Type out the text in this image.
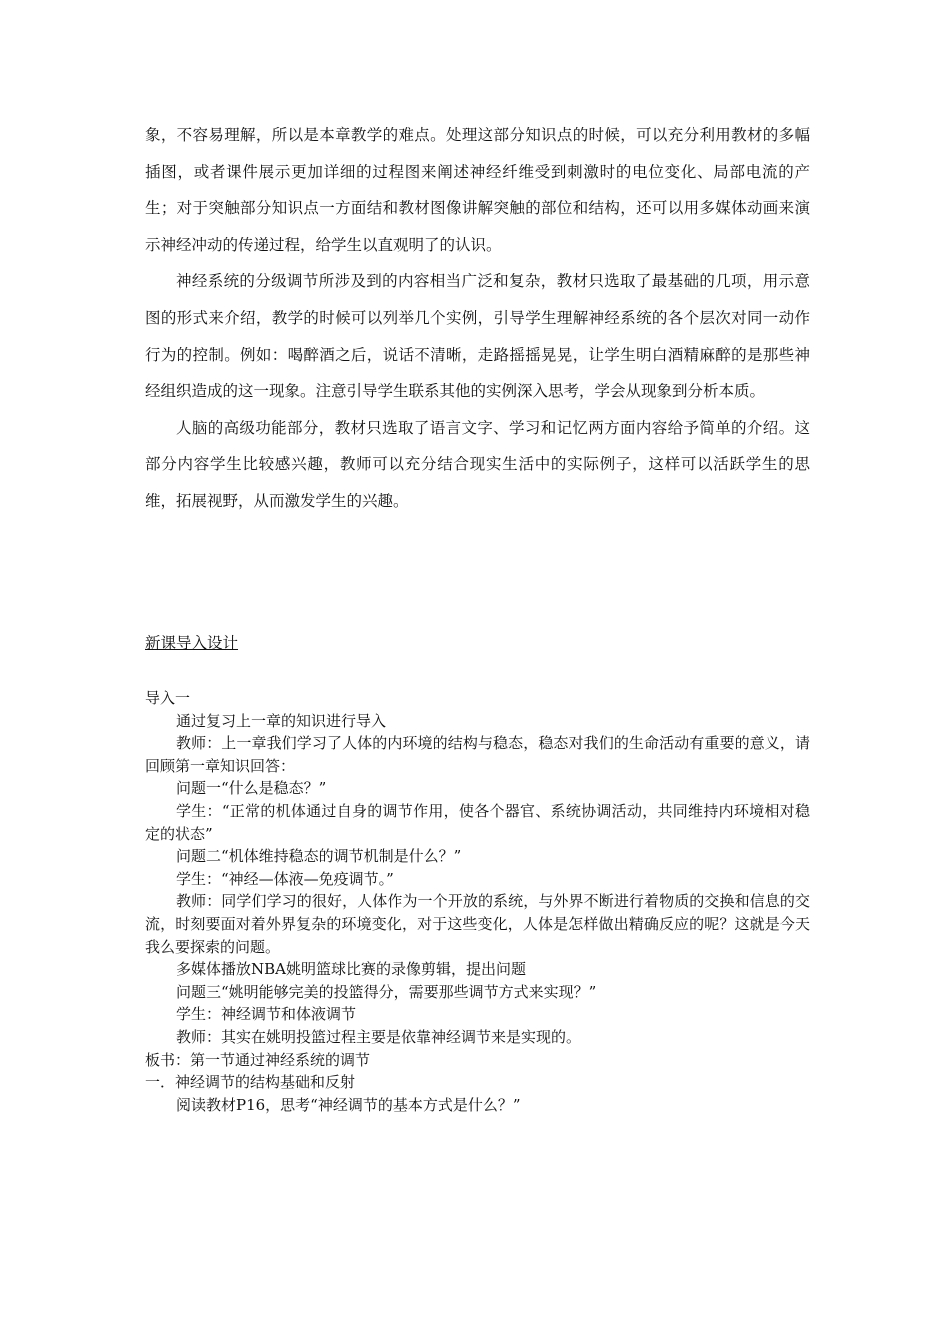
象，不容易理解，所以是本章教学的难点。处理这部分知识点的时候，可以充分利用教材的多幅插图，或者课件展示更加详细的过程图来阐述神经纤维受到刺激时的电位变化、局部电流的产生；对于突触部分知识点一方面结和教材图像讲解突触的部位和结构，还可以用多媒体动画来演示神经冲动的传递过程，给学生以直观明了的认识。

神经系统的分级调节所涉及到的内容相当广泛和复杂，教材只选取了最基础的几项，用示意图的形式来介绍，教学的时候可以列举几个实例，引导学生理解神经系统的各个层次对同一动作行为的控制。例如：喝醉酒之后，说话不清晰，走路摇摇晃晃，让学生明白酒精麻醉的是那些神经组织造成的这一现象。注意引导学生联系其他的实例深入思考，学会从现象到分析本质。

人脑的高级功能部分，教材只选取了语言文字、学习和记忆两方面内容给予简单的介绍。这部分内容学生比较感兴趣，教师可以充分结合现实生活中的实际例子，这样可以活跃学生的思维，拓展视野，从而激发学生的兴趣。

新课导入设计

导入一

通过复习上一章的知识进行导入

教师：上一章我们学习了人体的内环境的结构与稳态，稳态对我们的生命活动有重要的意义，请回顾第一章知识回答：

问题一“什么是稳态？”

学生：“正常的机体通过自身的调节作用，使各个器官、系统协调活动，共同维持内环境相对稳定的状态”

问题二“机体维持稳态的调节机制是什么？”

学生：“神经—体液—免疫调节。”

教师：同学们学习的很好，人体作为一个开放的系统，与外界不断进行着物质的交换和信息的交流，时刻要面对着外界复杂的环境变化，对于这些变化，人体是怎样做出精确反应的呢？这就是今天我么要探索的问题。

多媒体播放NBA姚明篮球比赛的录像剪辑，提出问题

问题三“姚明能够完美的投篮得分，需要那些调节方式来实现？”

学生：神经调节和体液调节

教师：其实在姚明投篮过程主要是依靠神经调节来是实现的。

板书：第一节通过神经系统的调节

一．神经调节的结构基础和反射

阅读教材P16，思考“神经调节的基本方式是什么？”
